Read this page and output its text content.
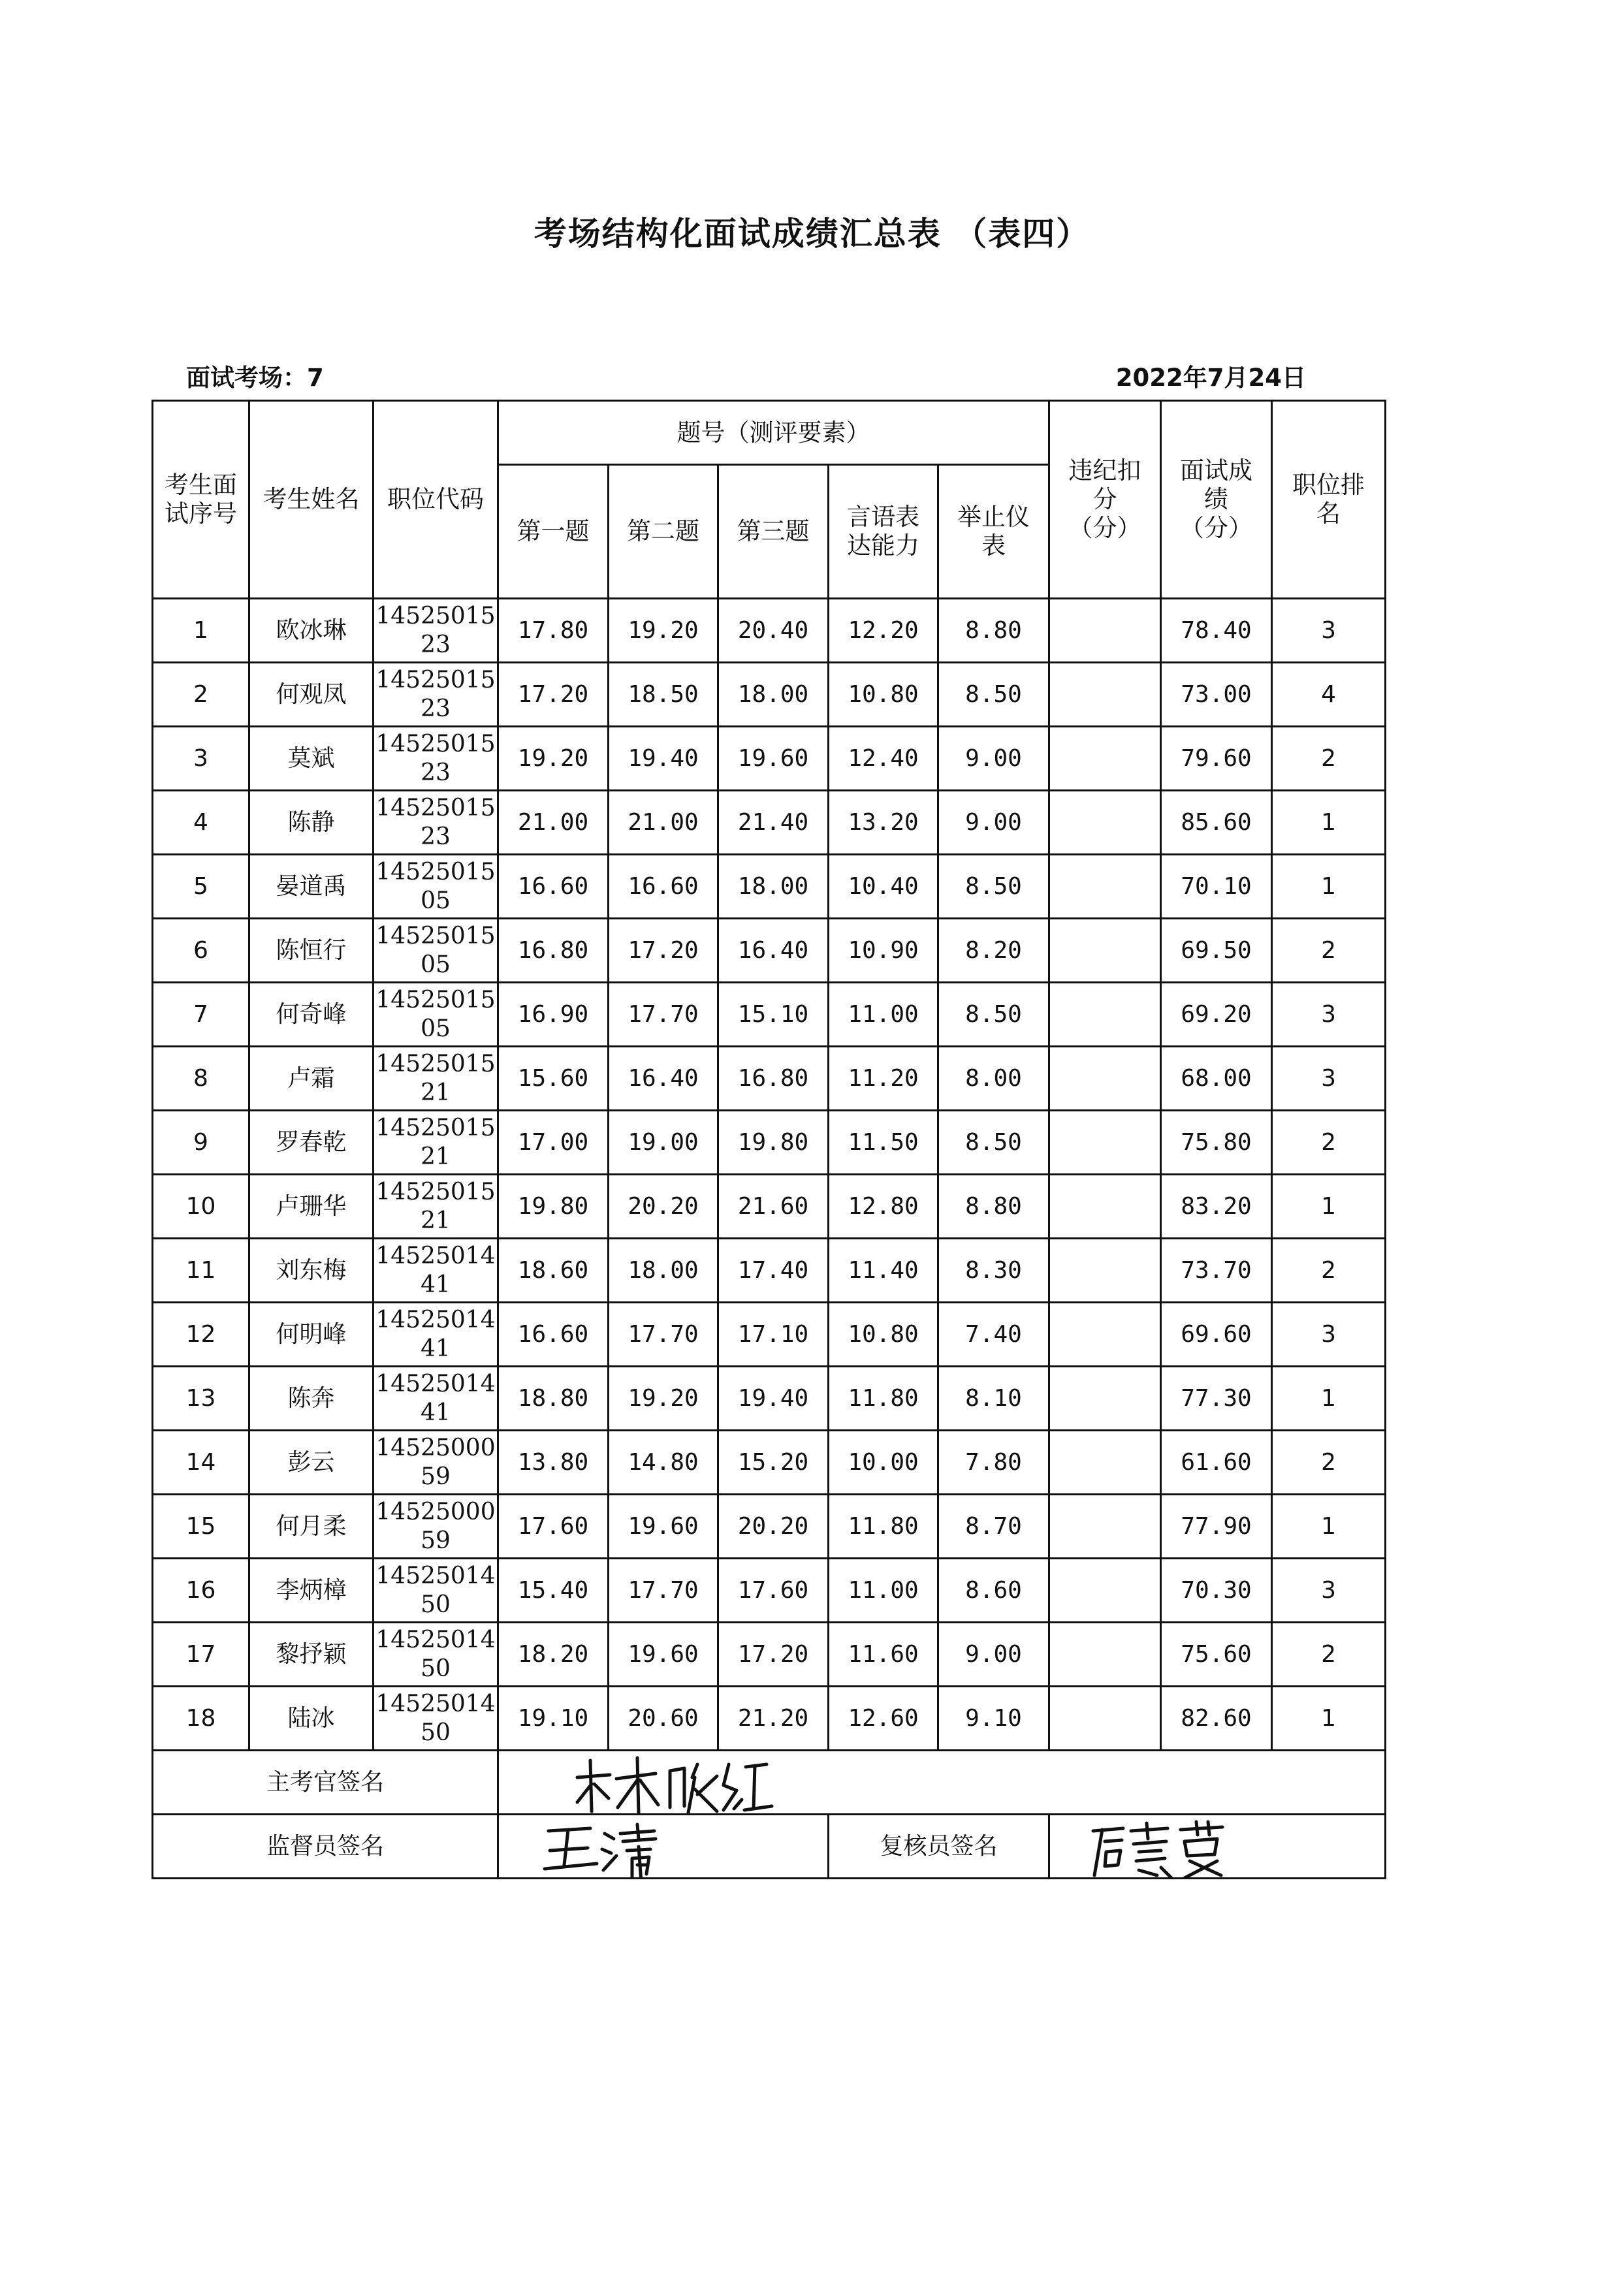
考场结构化面试成绩汇总表 （表四）
面试考场：7	2022年7月24日
考生面试序号	考生姓名	职位代码	题号（测评要素）					违纪扣分（分）	面试成绩（分）	职位排名
			第一题	第二题	第三题	言语表达能力	举止仪表			
1	欧冰琳	1452501523	17.80	19.20	20.40	12.20	8.80		78.40	3
2	何观凤	1452501523	17.20	18.50	18.00	10.80	8.50		73.00	4
3	莫斌	1452501523	19.20	19.40	19.60	12.40	9.00		79.60	2
4	陈静	1452501523	21.00	21.00	21.40	13.20	9.00		85.60	1
5	晏道禹	1452501505	16.60	16.60	18.00	10.40	8.50		70.10	1
6	陈恒行	1452501505	16.80	17.20	16.40	10.90	8.20		69.50	2
7	何奇峰	1452501505	16.90	17.70	15.10	11.00	8.50		69.20	3
8	卢霜	1452501521	15.60	16.40	16.80	11.20	8.00		68.00	3
9	罗春乾	1452501521	17.00	19.00	19.80	11.50	8.50		75.80	2
10	卢珊华	1452501521	19.80	20.20	21.60	12.80	8.80		83.20	1
11	刘东梅	1452501441	18.60	18.00	17.40	11.40	8.30		73.70	2
12	何明峰	1452501441	16.60	17.70	17.10	10.80	7.40		69.60	3
13	陈奔	1452501441	18.80	19.20	19.40	11.80	8.10		77.30	1
14	彭云	1452500059	13.80	14.80	15.20	10.00	7.80		61.60	2
15	何月柔	1452500059	17.60	19.60	20.20	11.80	8.70		77.90	1
16	李炳樟	1452501450	15.40	17.70	17.60	11.00	8.60		70.30	3
17	黎抒颖	1452501450	18.20	19.60	17.20	11.60	9.00		75.60	2
18	陆冰	1452501450	19.10	20.60	21.20	12.60	9.10		82.60	1
主考官签名	

监督员签名						复核员签名	
